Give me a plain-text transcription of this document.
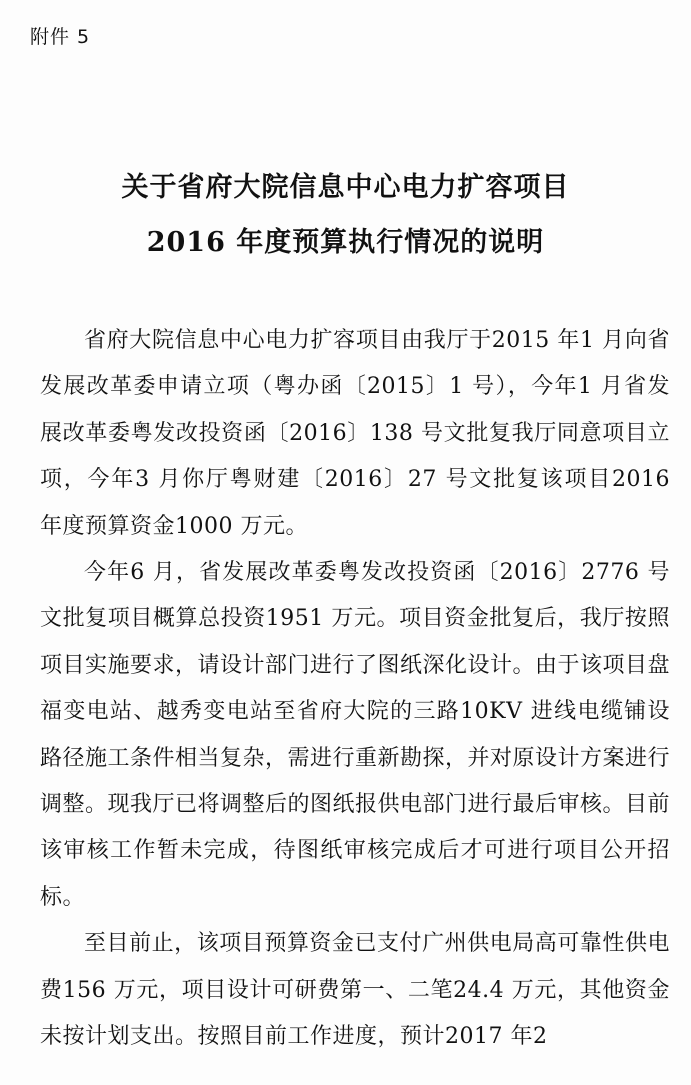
附件 5
关于省府大院信息中心电力扩容项目
2016 年度预算执行情况的说明

省府大院信息中心电力扩容项目由我厅于2015 年1 月向省发展改革委申请立项（粤办函〔2015〕1 号），今年1 月省发展改革委粤发改投资函〔2016〕138 号文批复我厅同意项目立项，今年3 月你厅粤财建〔2016〕27 号文批复该项目2016 年度预算资金1000 万元。

今年6 月，省发展改革委粤发改投资函〔2016〕2776 号文批复项目概算总投资1951 万元。项目资金批复后，我厅按照项目实施要求，请设计部门进行了图纸深化设计。由于该项目盘福变电站、越秀变电站至省府大院的三路10KV 进线电缆铺设路径施工条件相当复杂，需进行重新勘探，并对原设计方案进行调整。现我厅已将调整后的图纸报供电部门进行最后审核。目前该审核工作暂未完成，待图纸审核完成后才可进行项目公开招标。

至目前止，该项目预算资金已支付广州供电局高可靠性供电费156 万元，项目设计可研费第一、二笔24.4 万元，其他资金未按计划支出。按照目前工作进度，预计2017 年2
